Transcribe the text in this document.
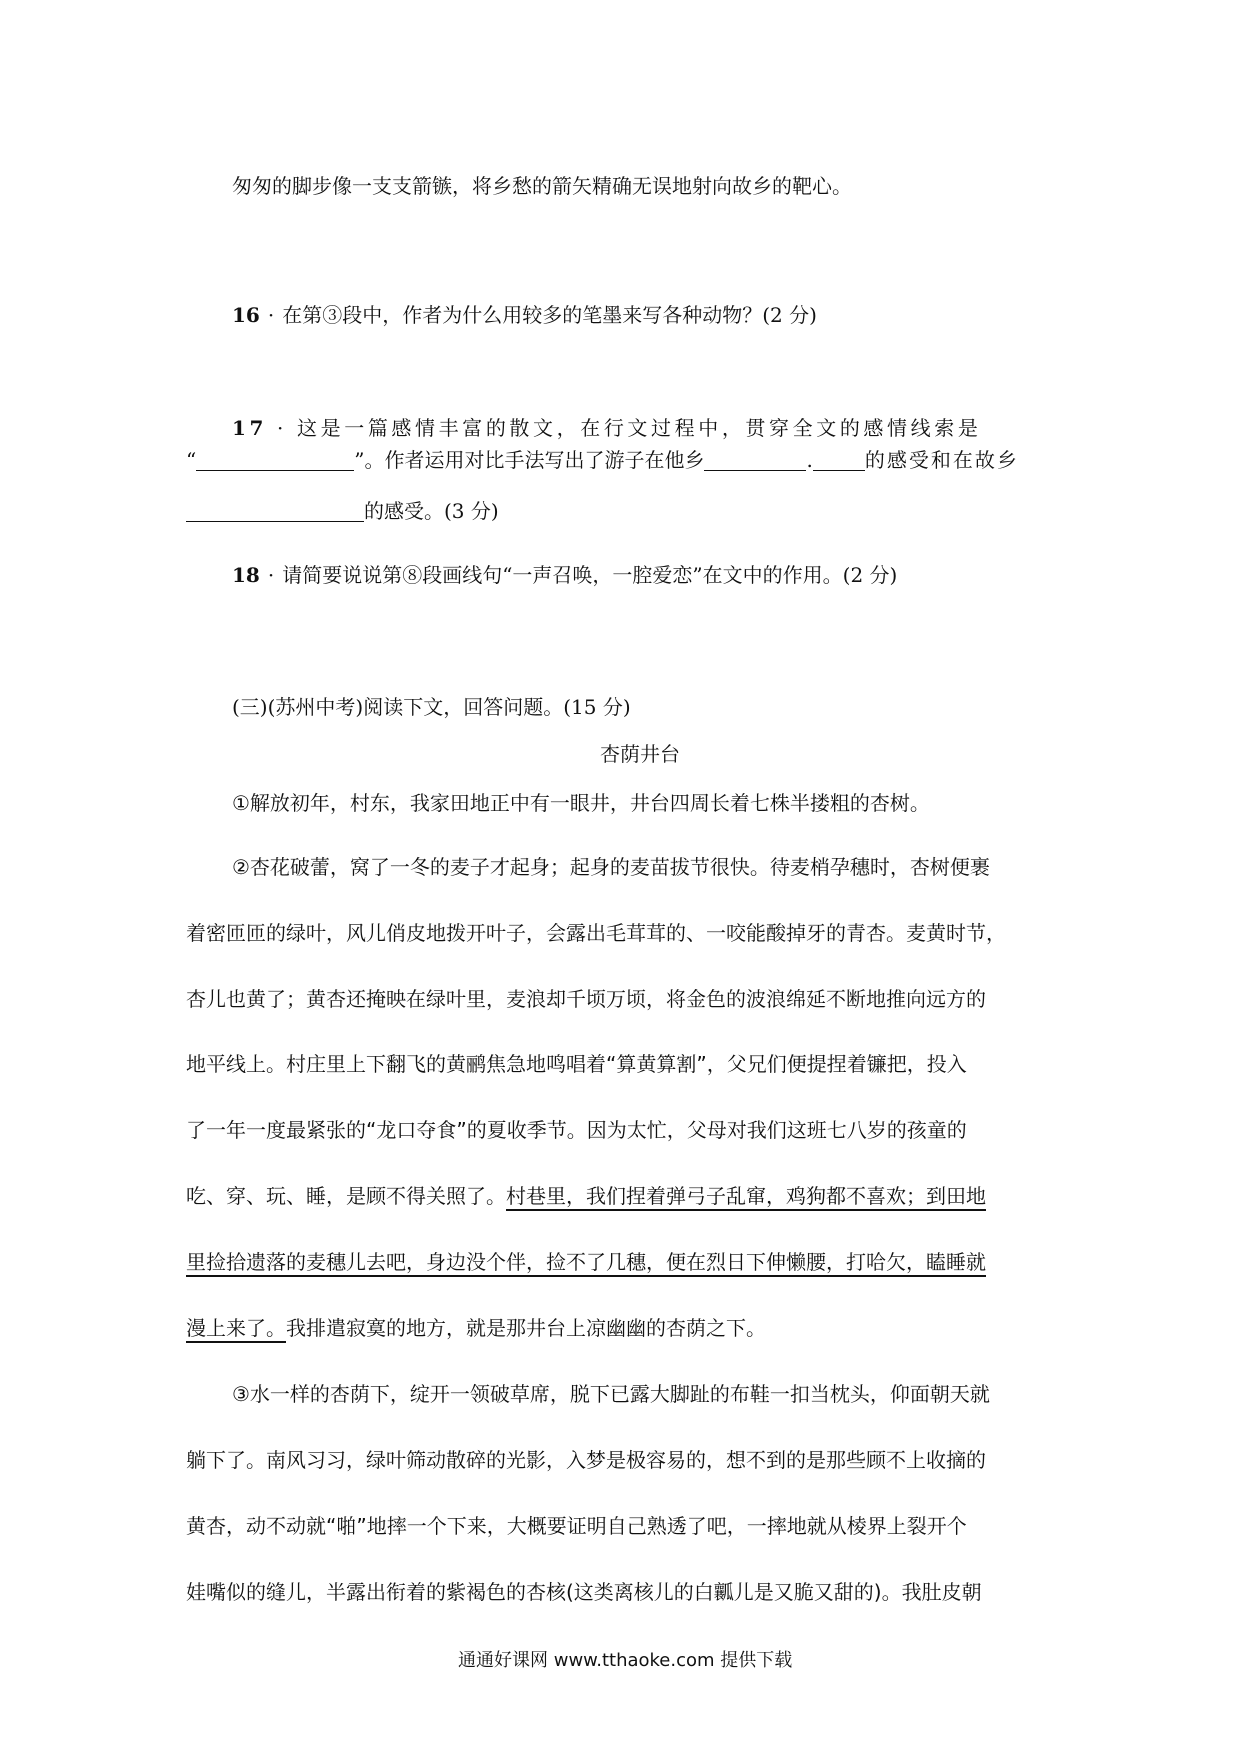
匆匆的脚步像一支支箭镞，将乡愁的箭矢精确无误地射向故乡的靶心。
16 · 在第③段中，作者为什么用较多的笔墨来写各种动物？(2 分)
17 · 这是一篇感情丰富的散文，在行文过程中，贯穿全文的感情线索是
“	”。作者运用对比手法写出了游子在他乡	.	的感受和在故乡
的感受。(3 分)
18 · 请简要说说第⑧段画线句“一声召唤，一腔爱恋”在文中的作用。(2 分)
(三)(苏州中考)阅读下文，回答问题。(15 分)
杏荫井台
①解放初年，村东，我家田地正中有一眼井，井台四周长着七株半搂粗的杏树。
②杏花破蕾，窝了一冬的麦子才起身；起身的麦苗拔节很快。待麦梢孕穗时，杏树便裹
着密匝匝的绿叶，风儿俏皮地拨开叶子，会露出毛茸茸的、一咬能酸掉牙的青杏。麦黄时节，
杏儿也黄了；黄杏还掩映在绿叶里，麦浪却千顷万顷，将金色的波浪绵延不断地推向远方的
地平线上。村庄里上下翻飞的黄鹂焦急地鸣唱着“算黄算割”，父兄们便提捏着镰把，投入
了一年一度最紧张的“龙口夺食”的夏收季节。因为太忙，父母对我们这班七八岁的孩童的
吃、穿、玩、睡，是顾不得关照了。村巷里，我们捏着弹弓子乱窜，鸡狗都不喜欢；到田地
里捡拾遗落的麦穗儿去吧，身边没个伴，捡不了几穗，便在烈日下伸懒腰，打哈欠，瞌睡就
漫上来了。我排遣寂寞的地方，就是那井台上凉幽幽的杏荫之下。
③水一样的杏荫下，绽开一领破草席，脱下已露大脚趾的布鞋一扣当枕头，仰面朝天就
躺下了。南风习习，绿叶筛动散碎的光影，入梦是极容易的，想不到的是那些顾不上收摘的
黄杏，动不动就“啪”地摔一个下来，大概要证明自己熟透了吧，一摔地就从棱界上裂开个
娃嘴似的缝儿，半露出衔着的紫褐色的杏核(这类离核儿的白瓤儿是又脆又甜的)。我肚皮朝
通通好课网 www.tthaoke.com 提供下载
